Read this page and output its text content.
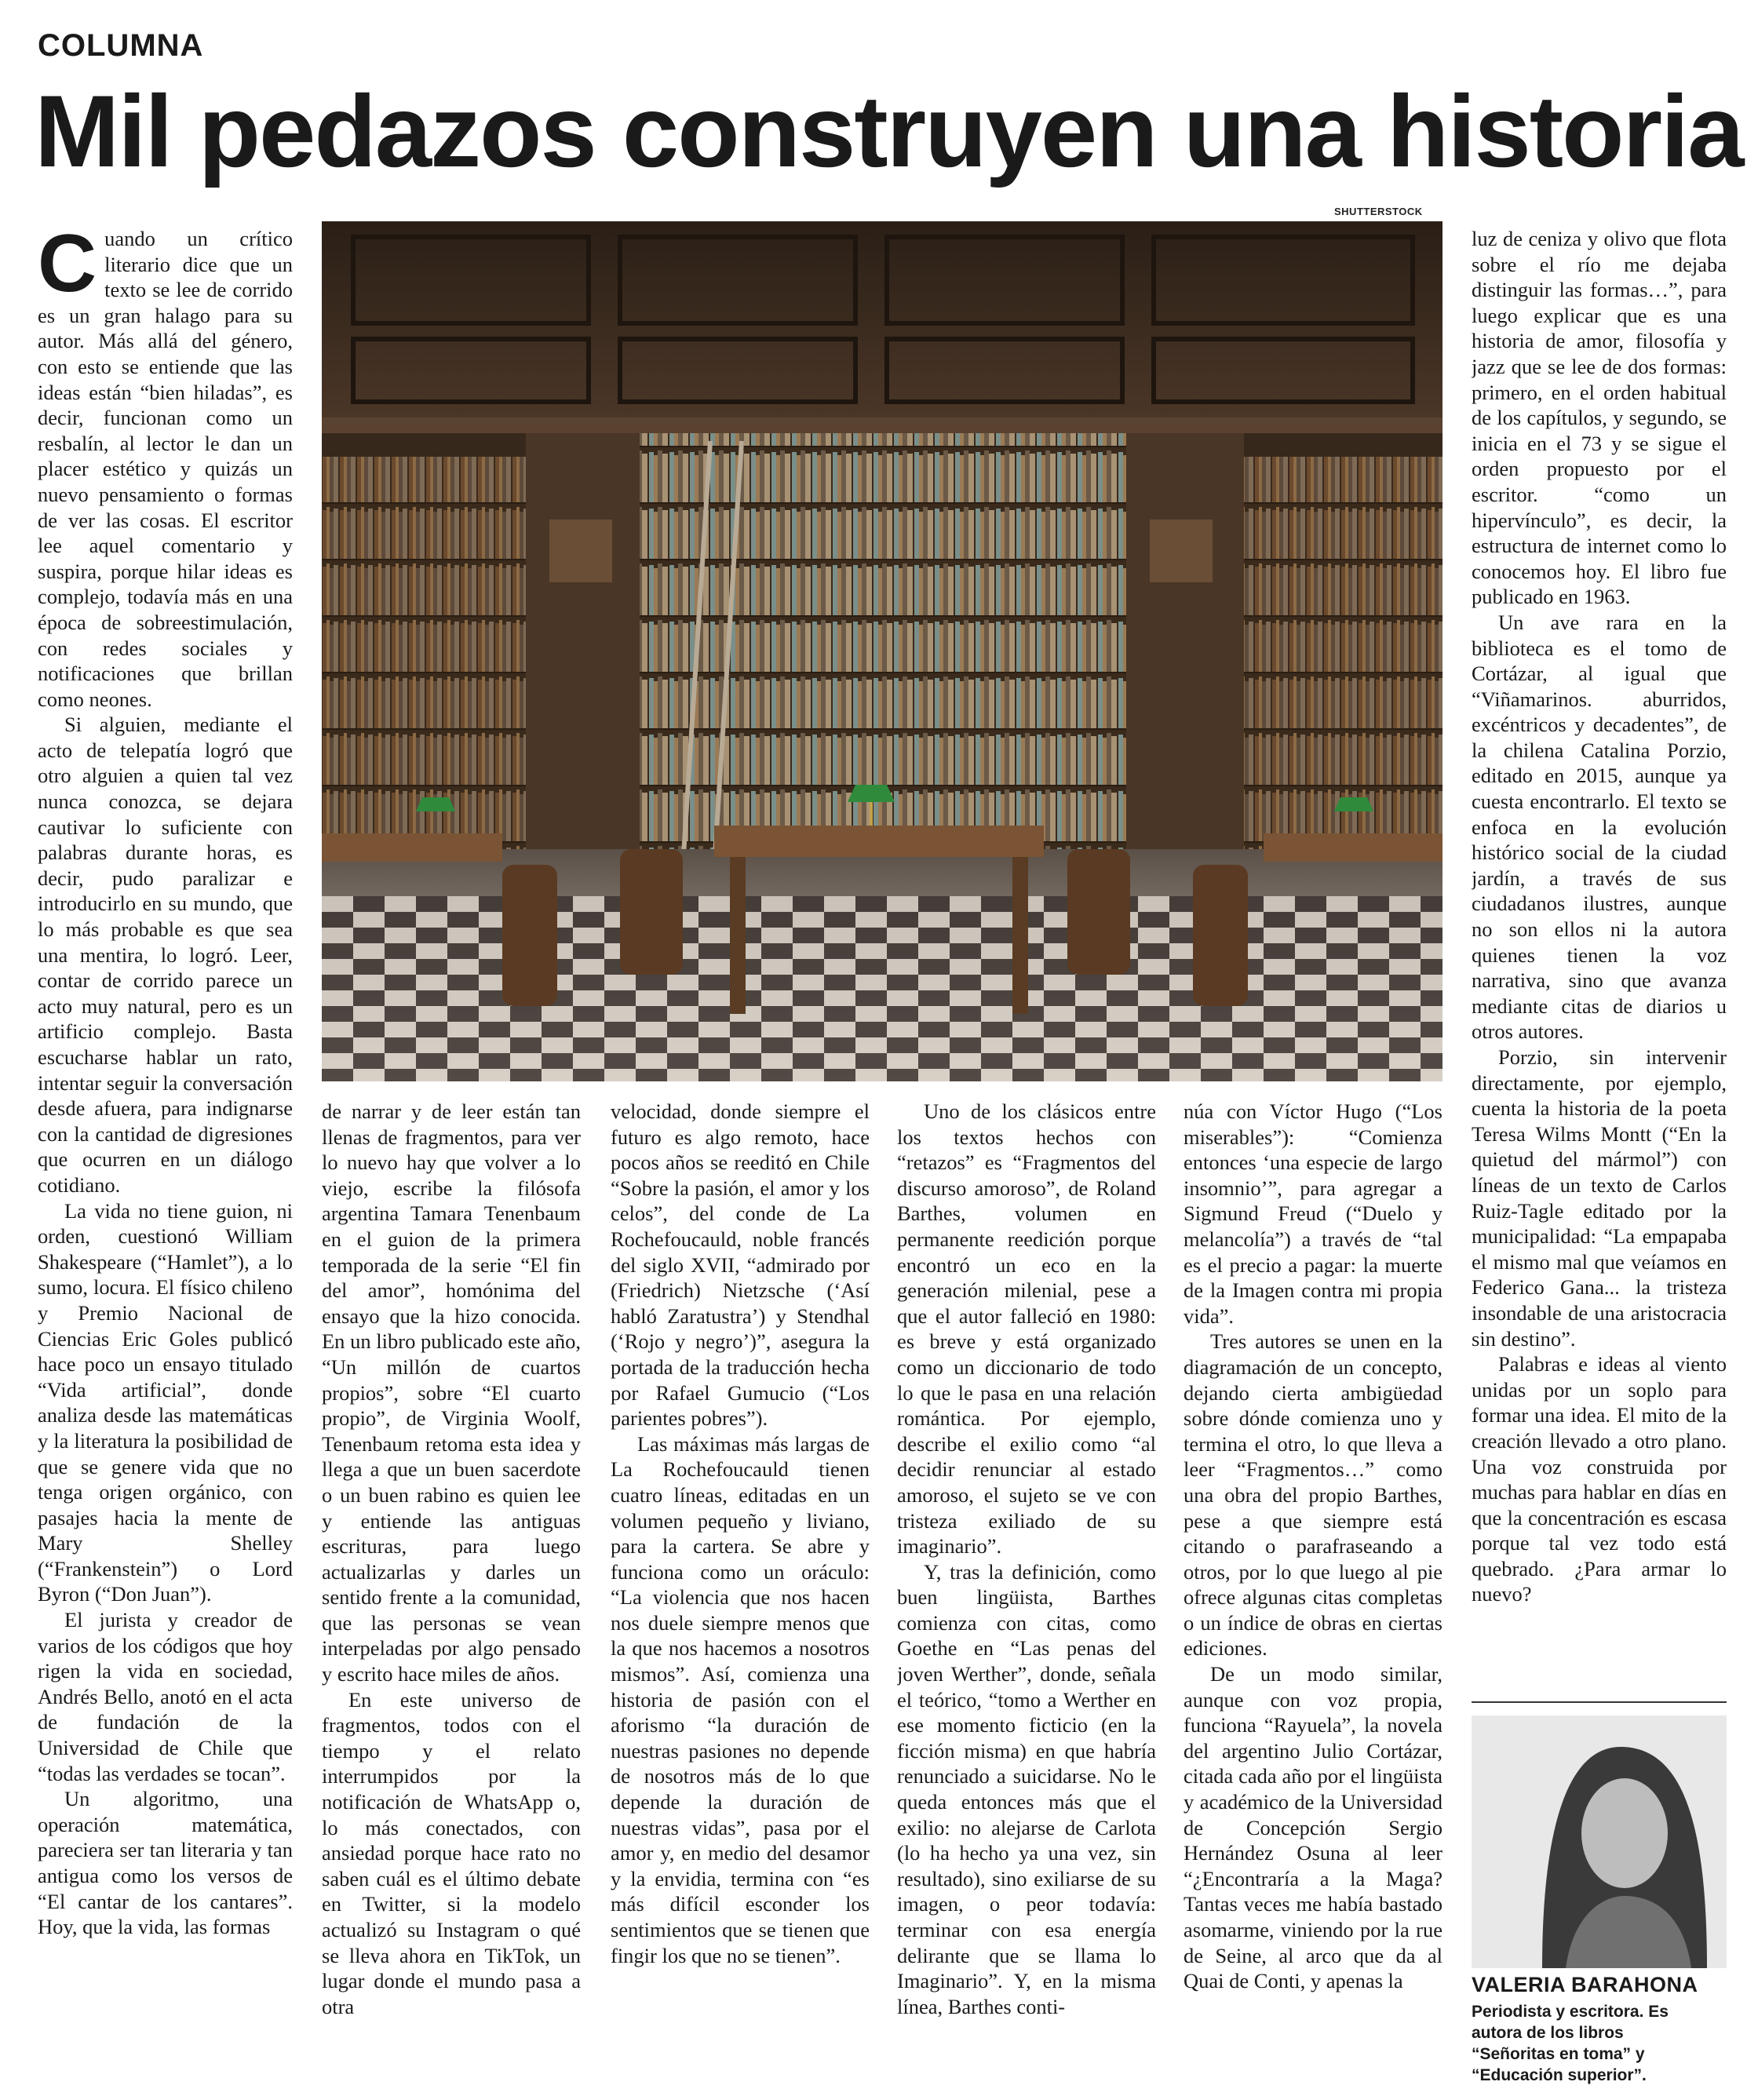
COLUMNA
Mil pedazos construyen una historia

Cuando un crítico literario dice que un texto se lee de corrido es un gran halago para su autor. Más allá del género, con esto se entiende que las ideas están “bien hiladas”, es decir, funcionan como un resbalín, al lector le dan un placer estético y quizás un nuevo pensamiento o formas de ver las cosas. El escritor lee aquel comentario y suspira, porque hilar ideas es complejo, todavía más en una época de sobreestimulación, con redes sociales y notificaciones que brillan como neones.

Si alguien, mediante el acto de telepatía logró que otro alguien a quien tal vez nunca conozca, se dejara cautivar lo suficiente con palabras durante horas, es decir, pudo paralizar e introducirlo en su mundo, que lo más probable es que sea una mentira, lo logró. Leer, contar de corrido parece un acto muy natural, pero es un artificio complejo. Basta escucharse hablar un rato, intentar seguir la conversación desde afuera, para indignarse con la cantidad de digresiones que ocurren en un diálogo cotidiano.

La vida no tiene guion, ni orden, cuestionó William Shakespeare (“Hamlet”), a lo sumo, locura. El físico chileno y Premio Nacional de Ciencias Eric Goles publicó hace poco un ensayo titulado “Vida artificial”, donde analiza desde las matemáticas y la literatura la posibilidad de que se genere vida que no tenga origen orgánico, con pasajes hacia la mente de Mary Shelley (“Frankenstein”) o Lord Byron (“Don Juan”).

El jurista y creador de varios de los códigos que hoy rigen la vida en sociedad, Andrés Bello, anotó en el acta de fundación de la Universidad de Chile que “todas las verdades se tocan”.

Un algoritmo, una operación matemática, pareciera ser tan literaria y tan antigua como los versos de “El cantar de los cantares”. Hoy, que la vida, las formas

SHUTTERSTOCK

de narrar y de leer están tan llenas de fragmentos, para ver lo nuevo hay que volver a lo viejo, escribe la filósofa argentina Tamara Tenenbaum en el guion de la primera temporada de la serie “El fin del amor”, homónima del ensayo que la hizo conocida. En un libro publicado este año, “Un millón de cuartos propios”, sobre “El cuarto propio”, de Virginia Woolf, Tenenbaum retoma esta idea y llega a que un buen sacerdote o un buen rabino es quien lee y entiende las antiguas escrituras, para luego actualizarlas y darles un sentido frente a la comunidad, que las personas se vean interpeladas por algo pensado y escrito hace miles de años.

En este universo de fragmentos, todos con el tiempo y el relato interrumpidos por la notificación de WhatsApp o, lo más conectados, con ansiedad porque hace rato no saben cuál es el último debate en Twitter, si la modelo actualizó su Instagram o qué se lleva ahora en TikTok, un lugar donde el mundo pasa a otra

velocidad, donde siempre el futuro es algo remoto, hace pocos años se reeditó en Chile “Sobre la pasión, el amor y los celos”, del conde de La Rochefoucauld, noble francés del siglo XVII, “admirado por (Friedrich) Nietzsche (‘Así habló Zaratustra’) y Stendhal (‘Rojo y negro’)”, asegura la portada de la traducción hecha por Rafael Gumucio (“Los parientes pobres”).

Las máximas más largas de La Rochefoucauld tienen cuatro líneas, editadas en un volumen pequeño y liviano, para la cartera. Se abre y funciona como un oráculo: “La violencia que nos hacen nos duele siempre menos que la que nos hacemos a nosotros mismos”. Así, comienza una historia de pasión con el aforismo “la duración de nuestras pasiones no depende de nosotros más de lo que depende la duración de nuestras vidas”, pasa por el amor y, en medio del desamor y la envidia, termina con “es más difícil esconder los sentimientos que se tienen que fingir los que no se tienen”.

Uno de los clásicos entre los textos hechos con “retazos” es “Fragmentos del discurso amoroso”, de Roland Barthes, volumen en permanente reedición porque encontró un eco en la generación milenial, pese a que el autor falleció en 1980: es breve y está organizado como un diccionario de todo lo que le pasa en una relación romántica. Por ejemplo, describe el exilio como “al decidir renunciar al estado amoroso, el sujeto se ve con tristeza exiliado de su imaginario”.

Y, tras la definición, como buen lingüista, Barthes comienza con citas, como Goethe en “Las penas del joven Werther”, donde, señala el teórico, “tomo a Werther en ese momento ficticio (en la ficción misma) en que habría renunciado a suicidarse. No le queda entonces más que el exilio: no alejarse de Carlota (lo ha hecho ya una vez, sin resultado), sino exiliarse de su imagen, o peor todavía: terminar con esa energía delirante que se llama lo Imaginario”. Y, en la misma línea, Barthes conti-

núa con Víctor Hugo (“Los miserables”): “Comienza entonces ‘una especie de largo insomnio’”, para agregar a Sigmund Freud (“Duelo y melancolía”) a través de “tal es el precio a pagar: la muerte de la Imagen contra mi propia vida”.

Tres autores se unen en la diagramación de un concepto, dejando cierta ambigüedad sobre dónde comienza uno y termina el otro, lo que lleva a leer “Fragmentos…” como una obra del propio Barthes, pese a que siempre está citando o parafraseando a otros, por lo que luego al pie ofrece algunas citas completas o un índice de obras en ciertas ediciones.

De un modo similar, aunque con voz propia, funciona “Rayuela”, la novela del argentino Julio Cortázar, citada cada año por el lingüista y académico de la Universidad de Concepción Sergio Hernández Osuna al leer “¿Encontraría a la Maga? Tantas veces me había bastado asomarme, viniendo por la rue de Seine, al arco que da al Quai de Conti, y apenas la

luz de ceniza y olivo que flota sobre el río me dejaba distinguir las formas…”, para luego explicar que es una historia de amor, filosofía y jazz que se lee de dos formas: primero, en el orden habitual de los capítulos, y segundo, se inicia en el 73 y se sigue el orden propuesto por el escritor. “como un hipervínculo”, es decir, la estructura de internet como lo conocemos hoy. El libro fue publicado en 1963.

Un ave rara en la biblioteca es el tomo de Cortázar, al igual que “Viñamarinos. aburridos, excéntricos y decadentes”, de la chilena Catalina Porzio, editado en 2015, aunque ya cuesta encontrarlo. El texto se enfoca en la evolución histórico social de la ciudad jardín, a través de sus ciudadanos ilustres, aunque no son ellos ni la autora quienes tienen la voz narrativa, sino que avanza mediante citas de diarios u otros autores.

Porzio, sin intervenir directamente, por ejemplo, cuenta la historia de la poeta Teresa Wilms Montt (“En la quietud del mármol”) con líneas de un texto de Carlos Ruiz-Tagle editado por la municipalidad: “La empapaba el mismo mal que veíamos en Federico Gana... la tristeza insondable de una aristocracia sin destino”.

Palabras e ideas al viento unidas por un soplo para formar una idea. El mito de la creación llevado a otro plano. Una voz construida por muchas para hablar en días en que la concentración es escasa porque tal vez todo está quebrado. ¿Para armar lo nuevo?

VALERIA BARAHONA
Periodista y escritora. Es
autora de los libros
“Señoritas en toma” y
“Educación superior”.
